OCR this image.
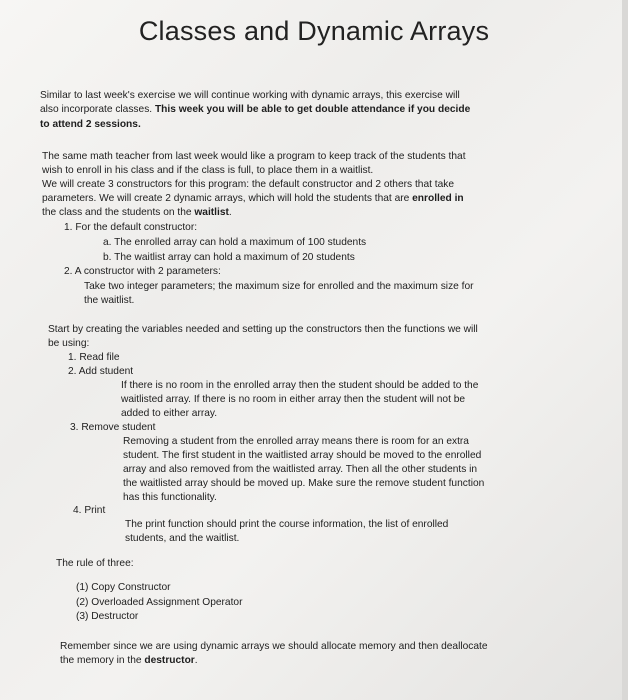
Classes and Dynamic Arrays
Similar to last week's exercise we will continue working with dynamic arrays, this exercise will
also incorporate classes. This week you will be able to get double attendance if you decide
to attend 2 sessions.
The same math teacher from last week would like a program to keep track of the students that
wish to enroll in his class and if the class is full, to place them in a waitlist.
We will create 3 constructors for this program: the default constructor and 2 others that take
parameters. We will create 2 dynamic arrays, which will hold the students that are enrolled in
the class and the students on the waitlist.
1. For the default constructor:
a. The enrolled array can hold a maximum of 100 students
b. The waitlist array can hold a maximum of 20 students
2. A constructor with 2 parameters:
Take two integer parameters; the maximum size for enrolled and the maximum size for
the waitlist.
Start by creating the variables needed and setting up the constructors then the functions we will
be using:
1. Read file
2. Add student
If there is no room in the enrolled array then the student should be added to the
waitlisted array. If there is no room in either array then the student will not be
added to either array.
3. Remove student
Removing a student from the enrolled array means there is room for an extra
student. The first student in the waitlisted array should be moved to the enrolled
array and also removed from the waitlisted array. Then all the other students in
the waitlisted array should be moved up. Make sure the remove student function
has this functionality.
4. Print
The print function should print the course information, the list of enrolled
students, and the waitlist.
The rule of three:
(1) Copy Constructor
(2) Overloaded Assignment Operator
(3) Destructor
Remember since we are using dynamic arrays we should allocate memory and then deallocate
the memory in the destructor.
